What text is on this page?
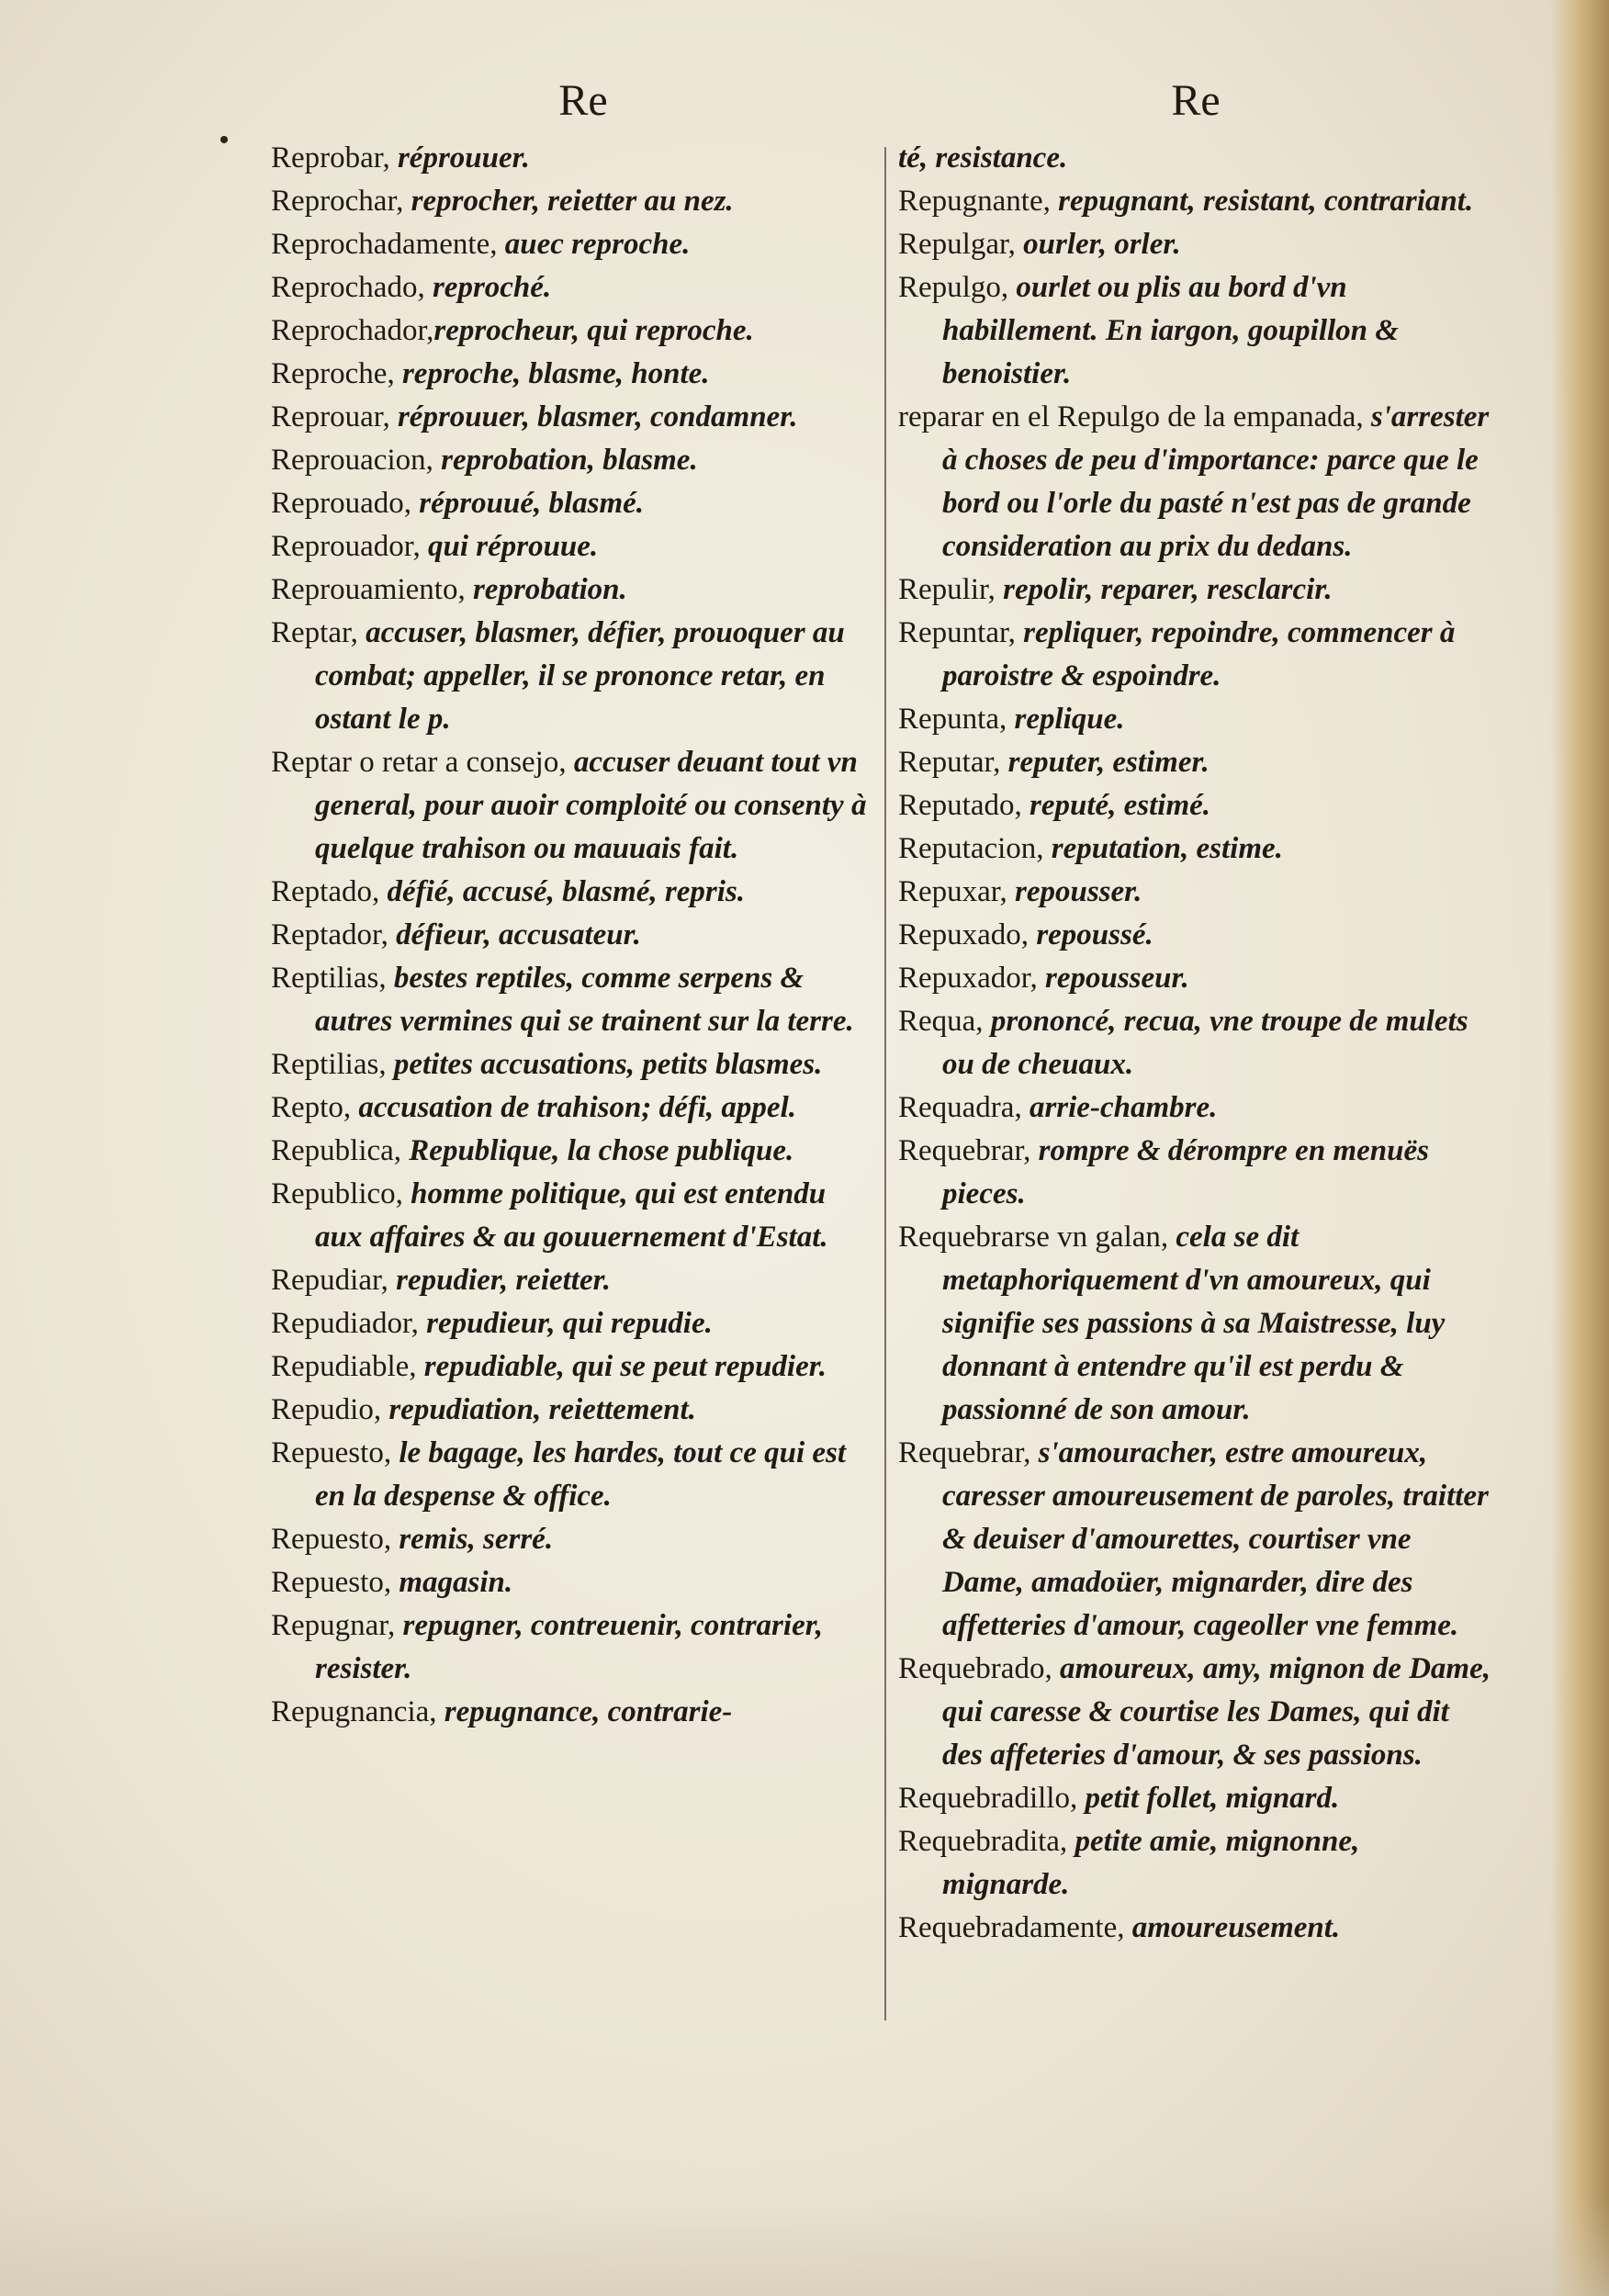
Re

Reprobar, réprouuer.

Reprochar, reprocher, reietter au nez.

Reprochadamente, auec reproche.

Reprochado, reproché.

Reprochador,reprocheur, qui reproche.

Reproche, reproche, blasme, honte.

Reprouar, réprouuer, blasmer, condamner.

Reprouacion, reprobation, blasme.

Reprouado, réprouué, blasmé.

Reprouador, qui réprouue.

Reprouamiento, reprobation.

Reptar, accuser, blasmer, défier, prouoquer au combat; appeller, il se prononce retar, en ostant le p.

Reptar o retar a consejo, accuser deuant tout vn general, pour auoir comploité ou consenty à quelque trahison ou mauuais fait.

Reptado, défié, accusé, blasmé, repris.

Reptador, défieur, accusateur.

Reptilias, bestes reptiles, comme serpens & autres vermines qui se trainent sur la terre.

Reptilias, petites accusations, petits blasmes.

Repto, accusation de trahison; défi, appel.

Republica, Republique, la chose publique.

Republico, homme politique, qui est entendu aux affaires & au gouuernement d'Estat.

Repudiar, repudier, reietter.

Repudiador, repudieur, qui repudie.

Repudiable, repudiable, qui se peut repudier.

Repudio, repudiation, reiettement.

Repuesto, le bagage, les hardes, tout ce qui est en la despense & office.

Repuesto, remis, serré.

Repuesto, magasin.

Repugnar, repugner, contreuenir, contrarier, resister.

Repugnancia, repugnance, contrarie-

Re

té, resistance.

Repugnante, repugnant, resistant, contrariant.

Repulgar, ourler, orler.

Repulgo, ourlet ou plis au bord d'vn habillement. En iargon, goupillon & benoistier.

reparar en el Repulgo de la empanada, s'arrester à choses de peu d'importance: parce que le bord ou l'orle du pasté n'est pas de grande consideration au prix du dedans.

Repulir, repolir, reparer, resclarcir.

Repuntar, repliquer, repoindre, commencer à paroistre & espoindre.

Repunta, replique.

Reputar, reputer, estimer.

Reputado, reputé, estimé.

Reputacion, reputation, estime.

Repuxar, repousser.

Repuxado, repoussé.

Repuxador, repousseur.

Requa, prononcé, recua, vne troupe de mulets ou de cheuaux.

Requadra, arrie-chambre.

Requebrar, rompre & dérompre en menuës pieces.

Requebrarse vn galan, cela se dit metaphoriquement d'vn amoureux, qui signifie ses passions à sa Maistresse, luy donnant à entendre qu'il est perdu & passionné de son amour.

Requebrar, s'amouracher, estre amoureux, caresser amoureusement de paroles, traitter & deuiser d'amourettes, courtiser vne Dame, amadoüer, mignarder, dire des affetteries d'amour, cageoller vne femme.

Requebrado, amoureux, amy, mignon de Dame, qui caresse & courtise les Dames, qui dit des affeteries d'amour, & ses passions.

Requebradillo, petit follet, mignard.

Requebradita, petite amie, mignonne, mignarde.

Requebradamente, amoureusement.
